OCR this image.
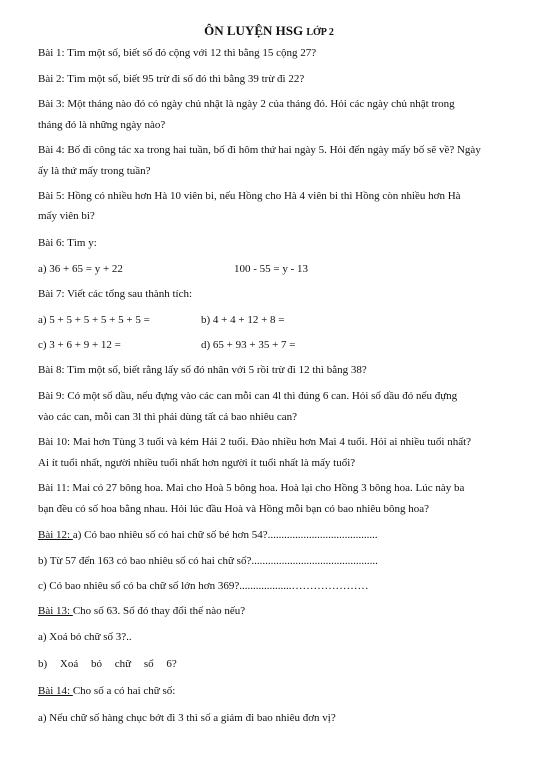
ÔN LUYỆN HSG LỚP 2
Bài 1: Tìm một số, biết số đó cộng với 12 thì bằng 15 cộng 27?
Bài 2: Tìm một số, biết 95 trừ đi số đó thì bằng 39 trừ đi 22?
Bài 3: Một tháng nào đó có ngày chủ nhật là ngày 2 của tháng đó. Hỏi các ngày chủ nhật trong
tháng đó là những ngày nào?
Bài 4: Bố đi công tác xa trong hai tuần, bố đi hôm thứ hai ngày 5. Hỏi đến ngày mấy bố sẽ về? Ngày
ấy là thứ mấy trong tuần?
Bài 5: Hồng có nhiều hơn Hà 10 viên bi, nếu Hồng cho Hà 4 viên bi thì Hồng còn nhiều hơn Hà
mấy viên bi?
Bài 6: Tìm y:
a) 36 + 65 = y + 22	100 - 55 = y - 13
Bài 7: Viết các tổng sau thành tích:
a) 5 + 5 + 5 + 5 + 5 + 5 =	b) 4 + 4 + 12 + 8 =
c) 3 + 6 + 9 + 12 =	d) 65 + 93 + 35 + 7 =
Bài 8: Tìm một số, biết rằng lấy số đó nhân với 5 rồi trừ đi 12 thì bằng 38?
Bài 9: Có một số dầu, nếu đựng vào các can mỗi can 4l thì đúng 6 can. Hỏi số dầu đó nếu đựng
vào các can, mỗi can 3l thì phải dùng tất cả bao nhiêu can?
Bài 10: Mai hơn Tùng 3 tuổi và kém Hải 2 tuổi. Đào nhiều hơn Mai 4 tuổi. Hỏi ai nhiều tuổi nhất?
Ai ít tuổi nhất, người nhiều tuổi nhất hơn người ít tuổi nhất là mấy tuổi?
Bài 11: Mai có 27 bông hoa. Mai cho Hoà 5 bông hoa. Hoà lại cho Hồng 3 bông hoa. Lúc này ba
bạn đều có số hoa bằng nhau. Hỏi lúc đầu Hoà và Hồng mỗi bạn có bao nhiêu bông hoa?
Bài 12: a) Có bao nhiêu số có hai chữ số bé hơn 54?........................................
b) Từ 57 đến 163 có bao nhiêu số có hai chữ số?..............................................
c) Có bao nhiêu số có ba chữ số lớn hơn 369?...................…………………
Bài 13: Cho số 63. Số đó thay đổi thế nào nếu?
a) Xoá bỏ chữ số 3?..
b) Xoá bỏ chữ số 6?
Bài 14: Cho số a có hai chữ số:
a) Nếu chữ số hàng chục bớt đi 3 thì số a giảm đi bao nhiêu đơn vị?
